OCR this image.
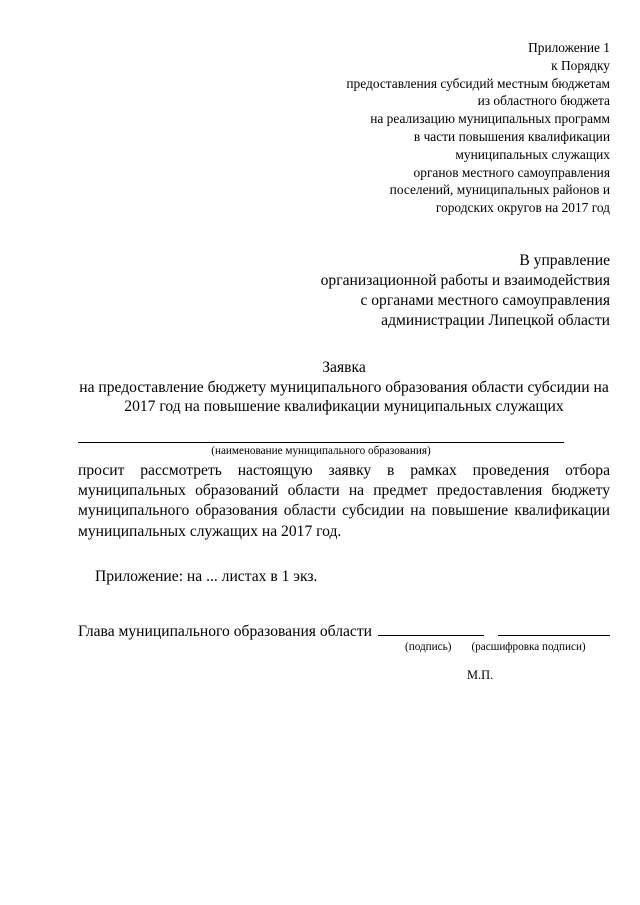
Приложение 1
к Порядку
предоставления субсидий местным бюджетам
из областного бюджета
на реализацию муниципальных программ
в части повышения квалификации
муниципальных служащих
органов местного самоуправления
поселений, муниципальных районов и
городских округов на 2017 год
В управление
организационной работы и взаимодействия
с органами местного самоуправления
администрации Липецкой области
Заявка
на предоставление бюджету муниципального образования области субсидии на
2017 год на повышение квалификации муниципальных служащих
(наименование муниципального образования)
просит рассмотреть настоящую заявку в рамках проведения отбора
муниципальных образований области на предмет предоставления бюджету
муниципального образования области субсидии на повышение квалификации
муниципальных служащих на 2017 год.
Приложение: на ... листах в 1 экз.
Глава муниципального образования области
(подпись) (расшифровка подписи)
М.П.
